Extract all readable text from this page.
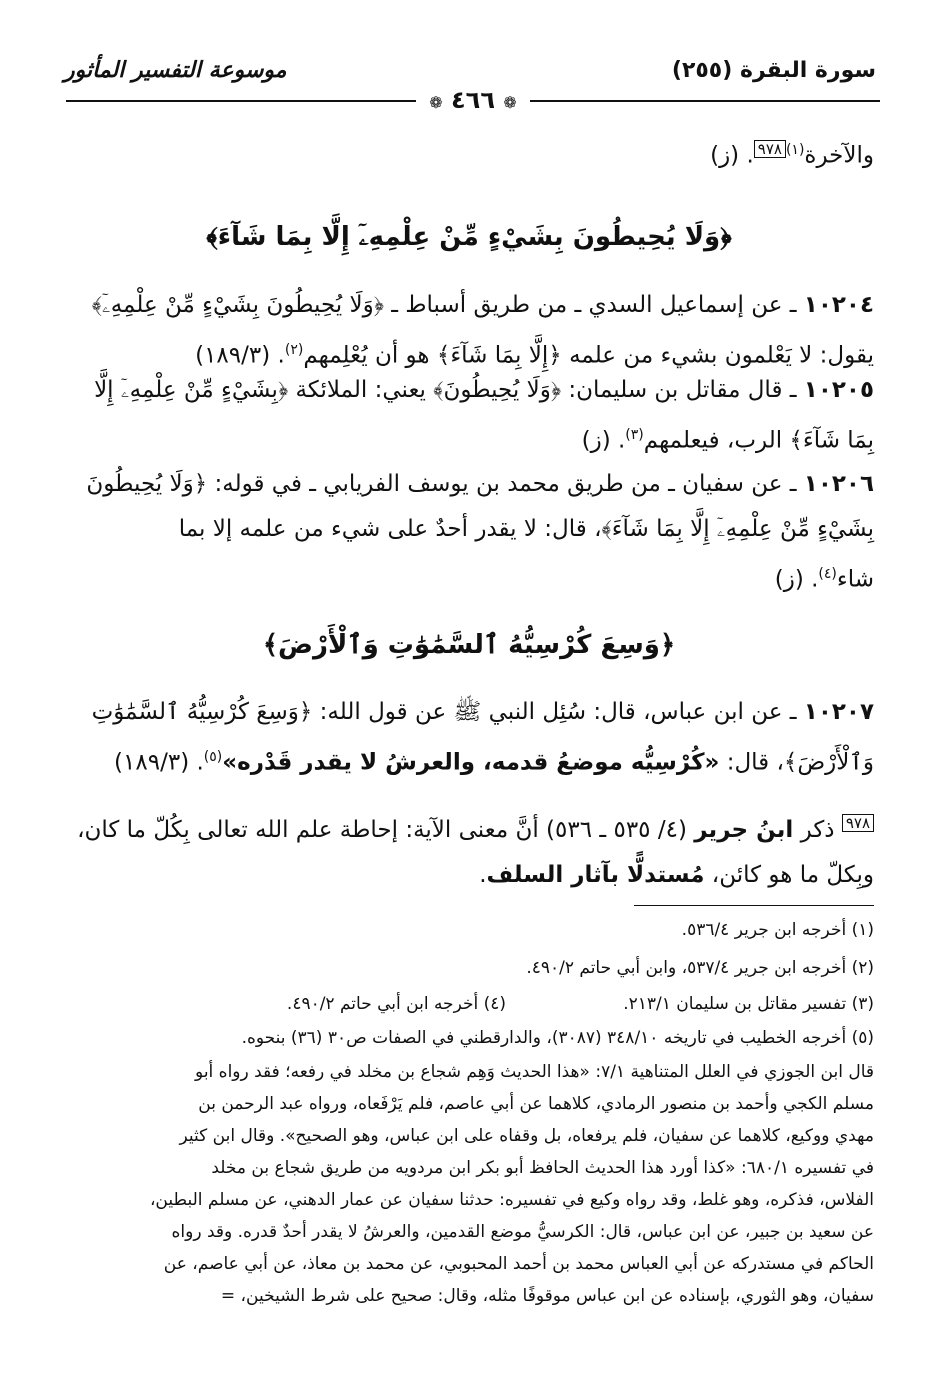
سورة البقرة (٢٥٥)
موسوعة التفسير المأثور
❁ ٤٦٦ ❁
والآخرة$^{(١)}$٩٧٨. (ز)
﴿وَلَا يُحِيطُونَ بِشَيْءٍ مِّنْ عِلْمِهِۦٓ إِلَّا بِمَا شَآءَ﴾
١٠٢٠٤ ـ عن إسماعيل السدي ـ من طريق أسباط ـ ﴿وَلَا يُحِيطُونَ بِشَيْءٍ مِّنْ عِلْمِهِۦٓ﴾
يقول: لا يَعْلمون بشيء من علمه ﴿إِلَّا بِمَا شَآءَ﴾ هو أن يُعْلِمهم$^{(٢)}$. (١٨٩/٣)
١٠٢٠٥ ـ قال مقاتل بن سليمان: ﴿وَلَا يُحِيطُونَ﴾ يعني: الملائكة ﴿بِشَيْءٍ مِّنْ عِلْمِهِۦٓ إِلَّا
بِمَا شَآءَ﴾ الرب، فيعلمهم$^{(٣)}$. (ز)
١٠٢٠٦ ـ عن سفيان ـ من طريق محمد بن يوسف الفريابي ـ في قوله: ﴿وَلَا يُحِيطُونَ
بِشَيْءٍ مِّنْ عِلْمِهِۦٓ إِلَّا بِمَا شَآءَ﴾، قال: لا يقدر أحدٌ على شيء من علمه إلا بما
شاء$^{(٤)}$. (ز)
﴿وَسِعَ كُرْسِيُّهُ ٱلسَّمَٰوَٰتِ وَٱلْأَرْضَ﴾
١٠٢٠٧ ـ عن ابن عباس، قال: سُئِل النبي ﷺ عن قول الله: ﴿وَسِعَ كُرْسِيُّهُ ٱلسَّمَٰوَٰتِ
وَٱلْأَرْضَ﴾، قال: «كُرْسِيُّه موضعُ قدمه، والعرشُ لا يقدر قَدْره»$^{(٥)}$. (١٨٩/٣)
٩٧٨ ذكر ابنُ جرير (٤/ ٥٣٥ ـ ٥٣٦) أنَّ معنى الآية: إحاطة علم الله تعالى بِكُلّ ما كان،
وبِكلّ ما هو كائن، مُستدلًّا بآثار السلف.
(١) أخرجه ابن جرير ٥٣٦/٤.
(٢) أخرجه ابن جرير ٥٣٧/٤، وابن أبي حاتم ٤٩٠/٢.
(٣) تفسير مقاتل بن سليمان ٢١٣/١.
(٤) أخرجه ابن أبي حاتم ٤٩٠/٢.
(٥) أخرجه الخطيب في تاريخه ٣٤٨/١٠ (٣٠٨٧)، والدارقطني في الصفات ص٣٠ (٣٦) بنحوه.
قال ابن الجوزي في العلل المتناهية ٧/١: «هذا الحديث وَهِم شجاع بن مخلد في رفعه؛ فقد رواه أبو
مسلم الكجي وأحمد بن منصور الرمادي، كلاهما عن أبي عاصم، فلم يَرْفَعاه، ورواه عبد الرحمن بن
مهدي ووكيع، كلاهما عن سفيان، فلم يرفعاه، بل وقفاه على ابن عباس، وهو الصحيح». وقال ابن كثير
في تفسيره ٦٨٠/١: «كذا أورد هذا الحديث الحافظ أبو بكر ابن مردويه من طريق شجاع بن مخلد
الفلاس، فذكره، وهو غلط، وقد رواه وكيع في تفسيره: حدثنا سفيان عن عمار الدهني، عن مسلم البطين،
عن سعيد بن جبير، عن ابن عباس، قال: الكرسيُّ موضع القدمين، والعرشُ لا يقدر أحدٌ قدره. وقد رواه
الحاكم في مستدركه عن أبي العباس محمد بن أحمد المحبوبي، عن محمد بن معاذ، عن أبي عاصم، عن
سفيان، وهو الثوري، بإسناده عن ابن عباس موقوفًا مثله، وقال: صحيح على شرط الشيخين، =
